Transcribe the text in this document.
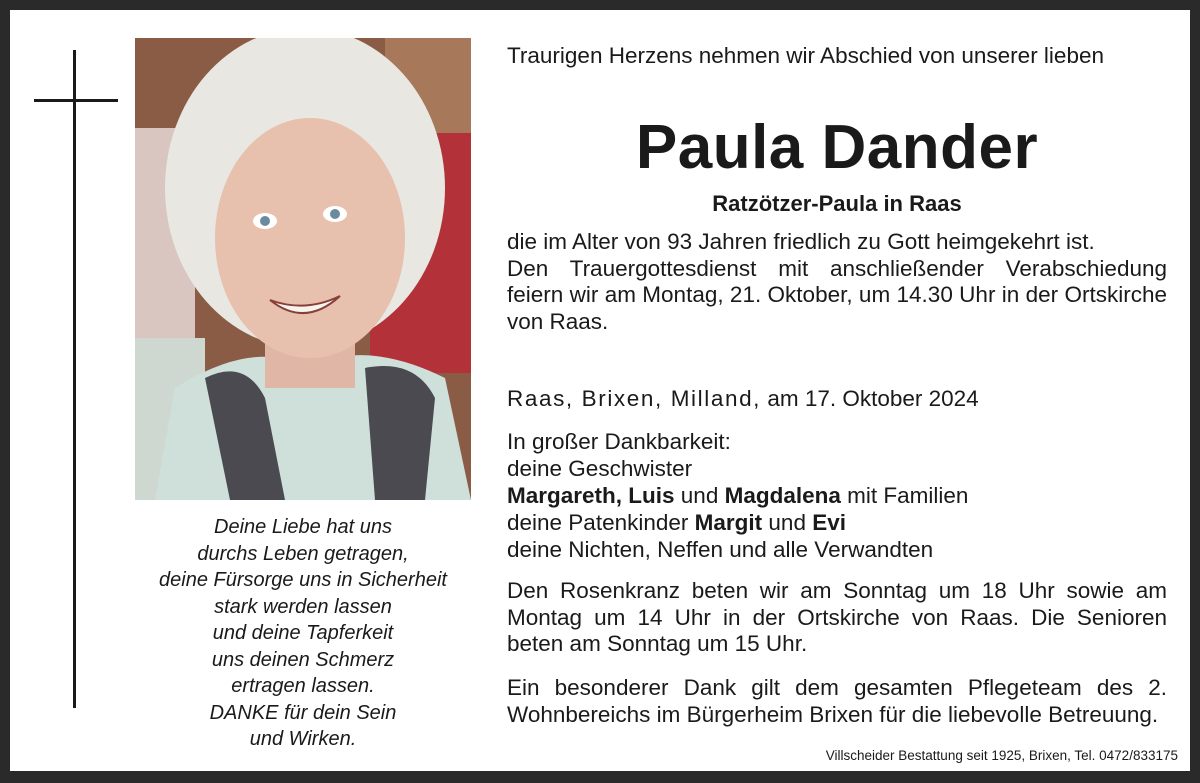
Deine Liebe hat uns
durchs Leben getragen,
deine Fürsorge uns in Sicherheit
stark werden lassen
und deine Tapferkeit
uns deinen Schmerz
ertragen lassen.
DANKE für dein Sein
und Wirken.
Traurigen Herzens nehmen wir Abschied von unserer lieben
Paula Dander
Ratzötzer-Paula in Raas
die im Alter von 93 Jahren friedlich zu Gott heimgekehrt ist.
Den Trauergottesdienst mit anschließender Verabschiedung feiern wir am Montag, 21. Oktober, um 14.30 Uhr in der Ortskirche von Raas.
Raas, Brixen, Milland, am 17. Oktober 2024
In großer Dankbarkeit:
deine Geschwister
Margareth, Luis und Magdalena mit Familien
deine Patenkinder Margit und Evi
deine Nichten, Neffen und alle Verwandten
Den Rosenkranz beten wir am Sonntag um 18 Uhr sowie am Montag um 14 Uhr in der Ortskirche von Raas. Die Senioren beten am Sonntag um 15 Uhr.
Ein besonderer Dank gilt dem gesamten Pflegeteam des 2. Wohnbereichs im Bürgerheim Brixen für die liebevolle Betreuung.
Villscheider Bestattung seit 1925, Brixen, Tel. 0472/833175
